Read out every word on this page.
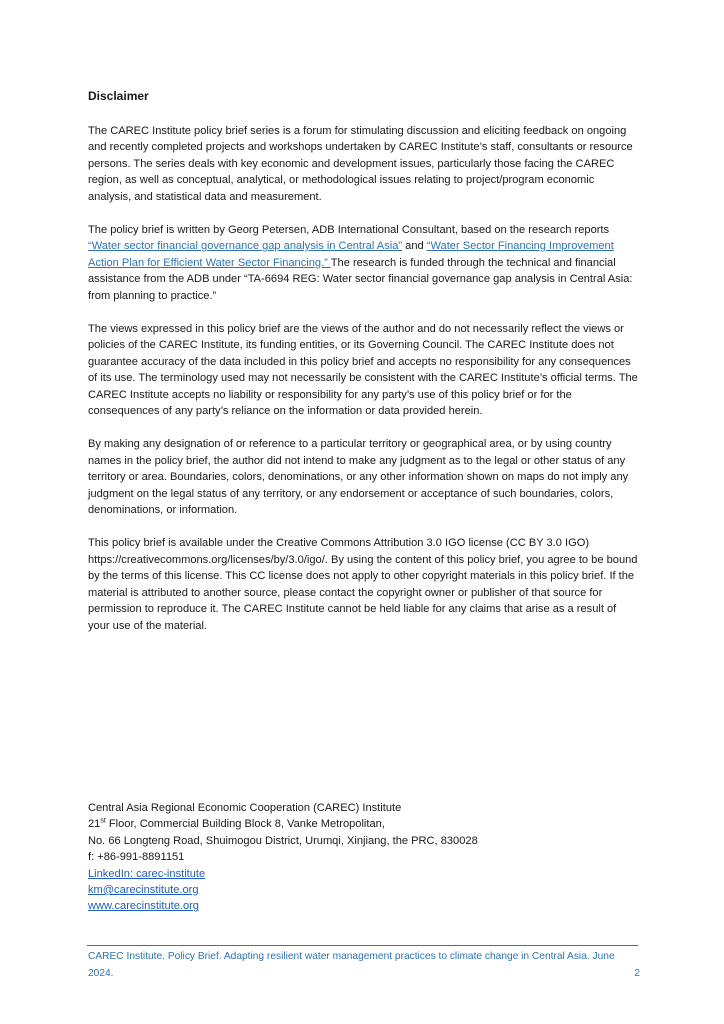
Disclaimer

The CAREC Institute policy brief series is a forum for stimulating discussion and eliciting feedback on ongoing and recently completed projects and workshops undertaken by CAREC Institute’s staff, consultants or resource persons. The series deals with key economic and development issues, particularly those facing the CAREC region, as well as conceptual, analytical, or methodological issues relating to project/program economic analysis, and statistical data and measurement.

The policy brief is written by Georg Petersen, ADB International Consultant, based on the research reports “Water sector financial governance gap analysis in Central Asia” and “Water Sector Financing Improvement Action Plan for Efficient Water Sector Financing.” The research is funded through the technical and financial assistance from the ADB under “TA-6694 REG: Water sector financial governance gap analysis in Central Asia: from planning to practice.”

The views expressed in this policy brief are the views of the author and do not necessarily reflect the views or policies of the CAREC Institute, its funding entities, or its Governing Council. The CAREC Institute does not guarantee accuracy of the data included in this policy brief and accepts no responsibility for any consequences of its use. The terminology used may not necessarily be consistent with the CAREC Institute’s official terms. The CAREC Institute accepts no liability or responsibility for any party’s use of this policy brief or for the consequences of any party’s reliance on the information or data provided herein.

By making any designation of or reference to a particular territory or geographical area, or by using country names in the policy brief, the author did not intend to make any judgment as to the legal or other status of any territory or area. Boundaries, colors, denominations, or any other information shown on maps do not imply any judgment on the legal status of any territory, or any endorsement or acceptance of such boundaries, colors, denominations, or information.

This policy brief is available under the Creative Commons Attribution 3.0 IGO license (CC BY 3.0 IGO) https://creativecommons.org/licenses/by/3.0/igo/. By using the content of this policy brief, you agree to be bound by the terms of this license. This CC license does not apply to other copyright materials in this policy brief. If the material is attributed to another source, please contact the copyright owner or publisher of that source for permission to reproduce it. The CAREC Institute cannot be held liable for any claims that arise as a result of your use of the material.

Central Asia Regional Economic Cooperation (CAREC) Institute
21st Floor, Commercial Building Block 8, Vanke Metropolitan,
No. 66 Longteng Road, Shuimogou District, Urumqi, Xinjiang, the PRC, 830028
f: +86-991-8891151
LinkedIn: carec-institute
km@carecinstitute.org
www.carecinstitute.org
CAREC Institute. Policy Brief. Adapting resilient water management practices to climate change in Central Asia. June 2024.	2
